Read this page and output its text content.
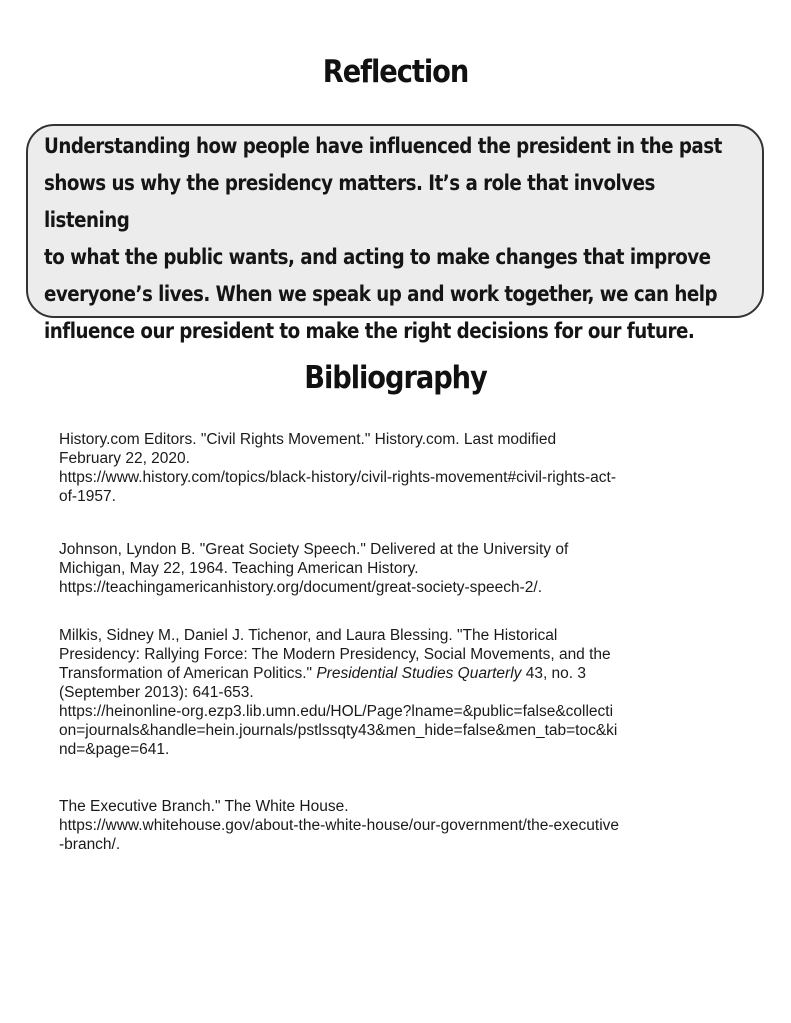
Reflection

Understanding how people have influenced the president in the past
shows us why the presidency matters. It’s a role that involves listening
to what the public wants, and acting to make changes that improve
everyone’s lives. When we speak up and work together, we can help
influence our president to make the right decisions for our future.

Bibliography
History.com Editors. "Civil Rights Movement." History.com. Last modified
February 22, 2020.
https://www.history.com/topics/black-history/civil-rights-movement#civil-rights-act-
of-1957.
Johnson, Lyndon B. "Great Society Speech." Delivered at the University of
Michigan, May 22, 1964. Teaching American History.
https://teachingamericanhistory.org/document/great-society-speech-2/.
Milkis, Sidney M., Daniel J. Tichenor, and Laura Blessing. "The Historical
Presidency: Rallying Force: The Modern Presidency, Social Movements, and the
Transformation of American Politics." Presidential Studies Quarterly 43, no. 3
(September 2013): 641-653.
https://heinonline-org.ezp3.lib.umn.edu/HOL/Page?lname=&public=false&collecti
on=journals&handle=hein.journals/pstlssqty43&men_hide=false&men_tab=toc&ki
nd=&page=641.
The Executive Branch." The White House.
https://www.whitehouse.gov/about-the-white-house/our-government/the-executive
-branch/.
